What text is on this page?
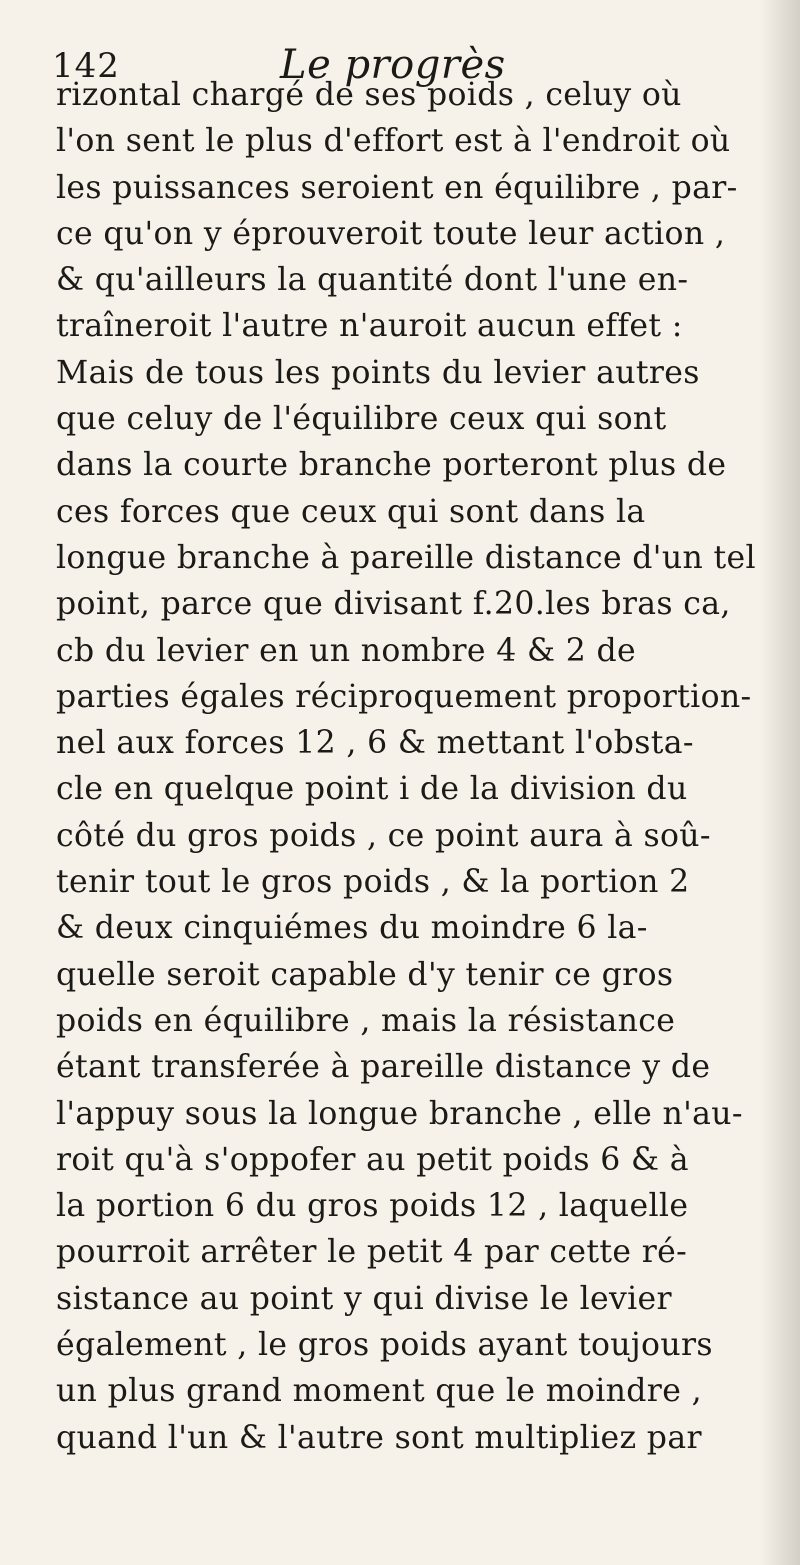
142	Le progrès
rizontal chargé de ses poids , celuy où
l'on sent le plus d'effort est à l'endroit où
les puissances seroient en équilibre , par-
ce qu'on y éprouveroit toute leur action ,
& qu'ailleurs la quantité dont l'une en-
traîneroit l'autre n'auroit aucun effet :
Mais de tous les points du levier autres
que celuy de l'équilibre ceux qui sont
dans la courte branche porteront plus de
ces forces que ceux qui sont dans la
longue branche à pareille distance d'un tel
point, parce que divisant f.20.les bras ca,
cb du levier en un nombre 4 & 2 de
parties égales réciproquement proportion-
nel aux forces 12 , 6 & mettant l'obsta-
cle en quelque point i de la division du
côté du gros poids , ce point aura à soû-
tenir tout le gros poids , & la portion 2
& deux cinquiémes du moindre 6 la-
quelle seroit capable d'y tenir ce gros
poids en équilibre , mais la résistance
étant transferée à pareille distance y de
l'appuy sous la longue branche , elle n'au-
roit qu'à s'oppofer au petit poids 6 & à
la portion 6 du gros poids 12 , laquelle
pourroit arrêter le petit 4 par cette ré-
sistance au point y qui divise le levier
également , le gros poids ayant toujours
un plus grand moment que le moindre ,
quand l'un & l'autre sont multipliez par
